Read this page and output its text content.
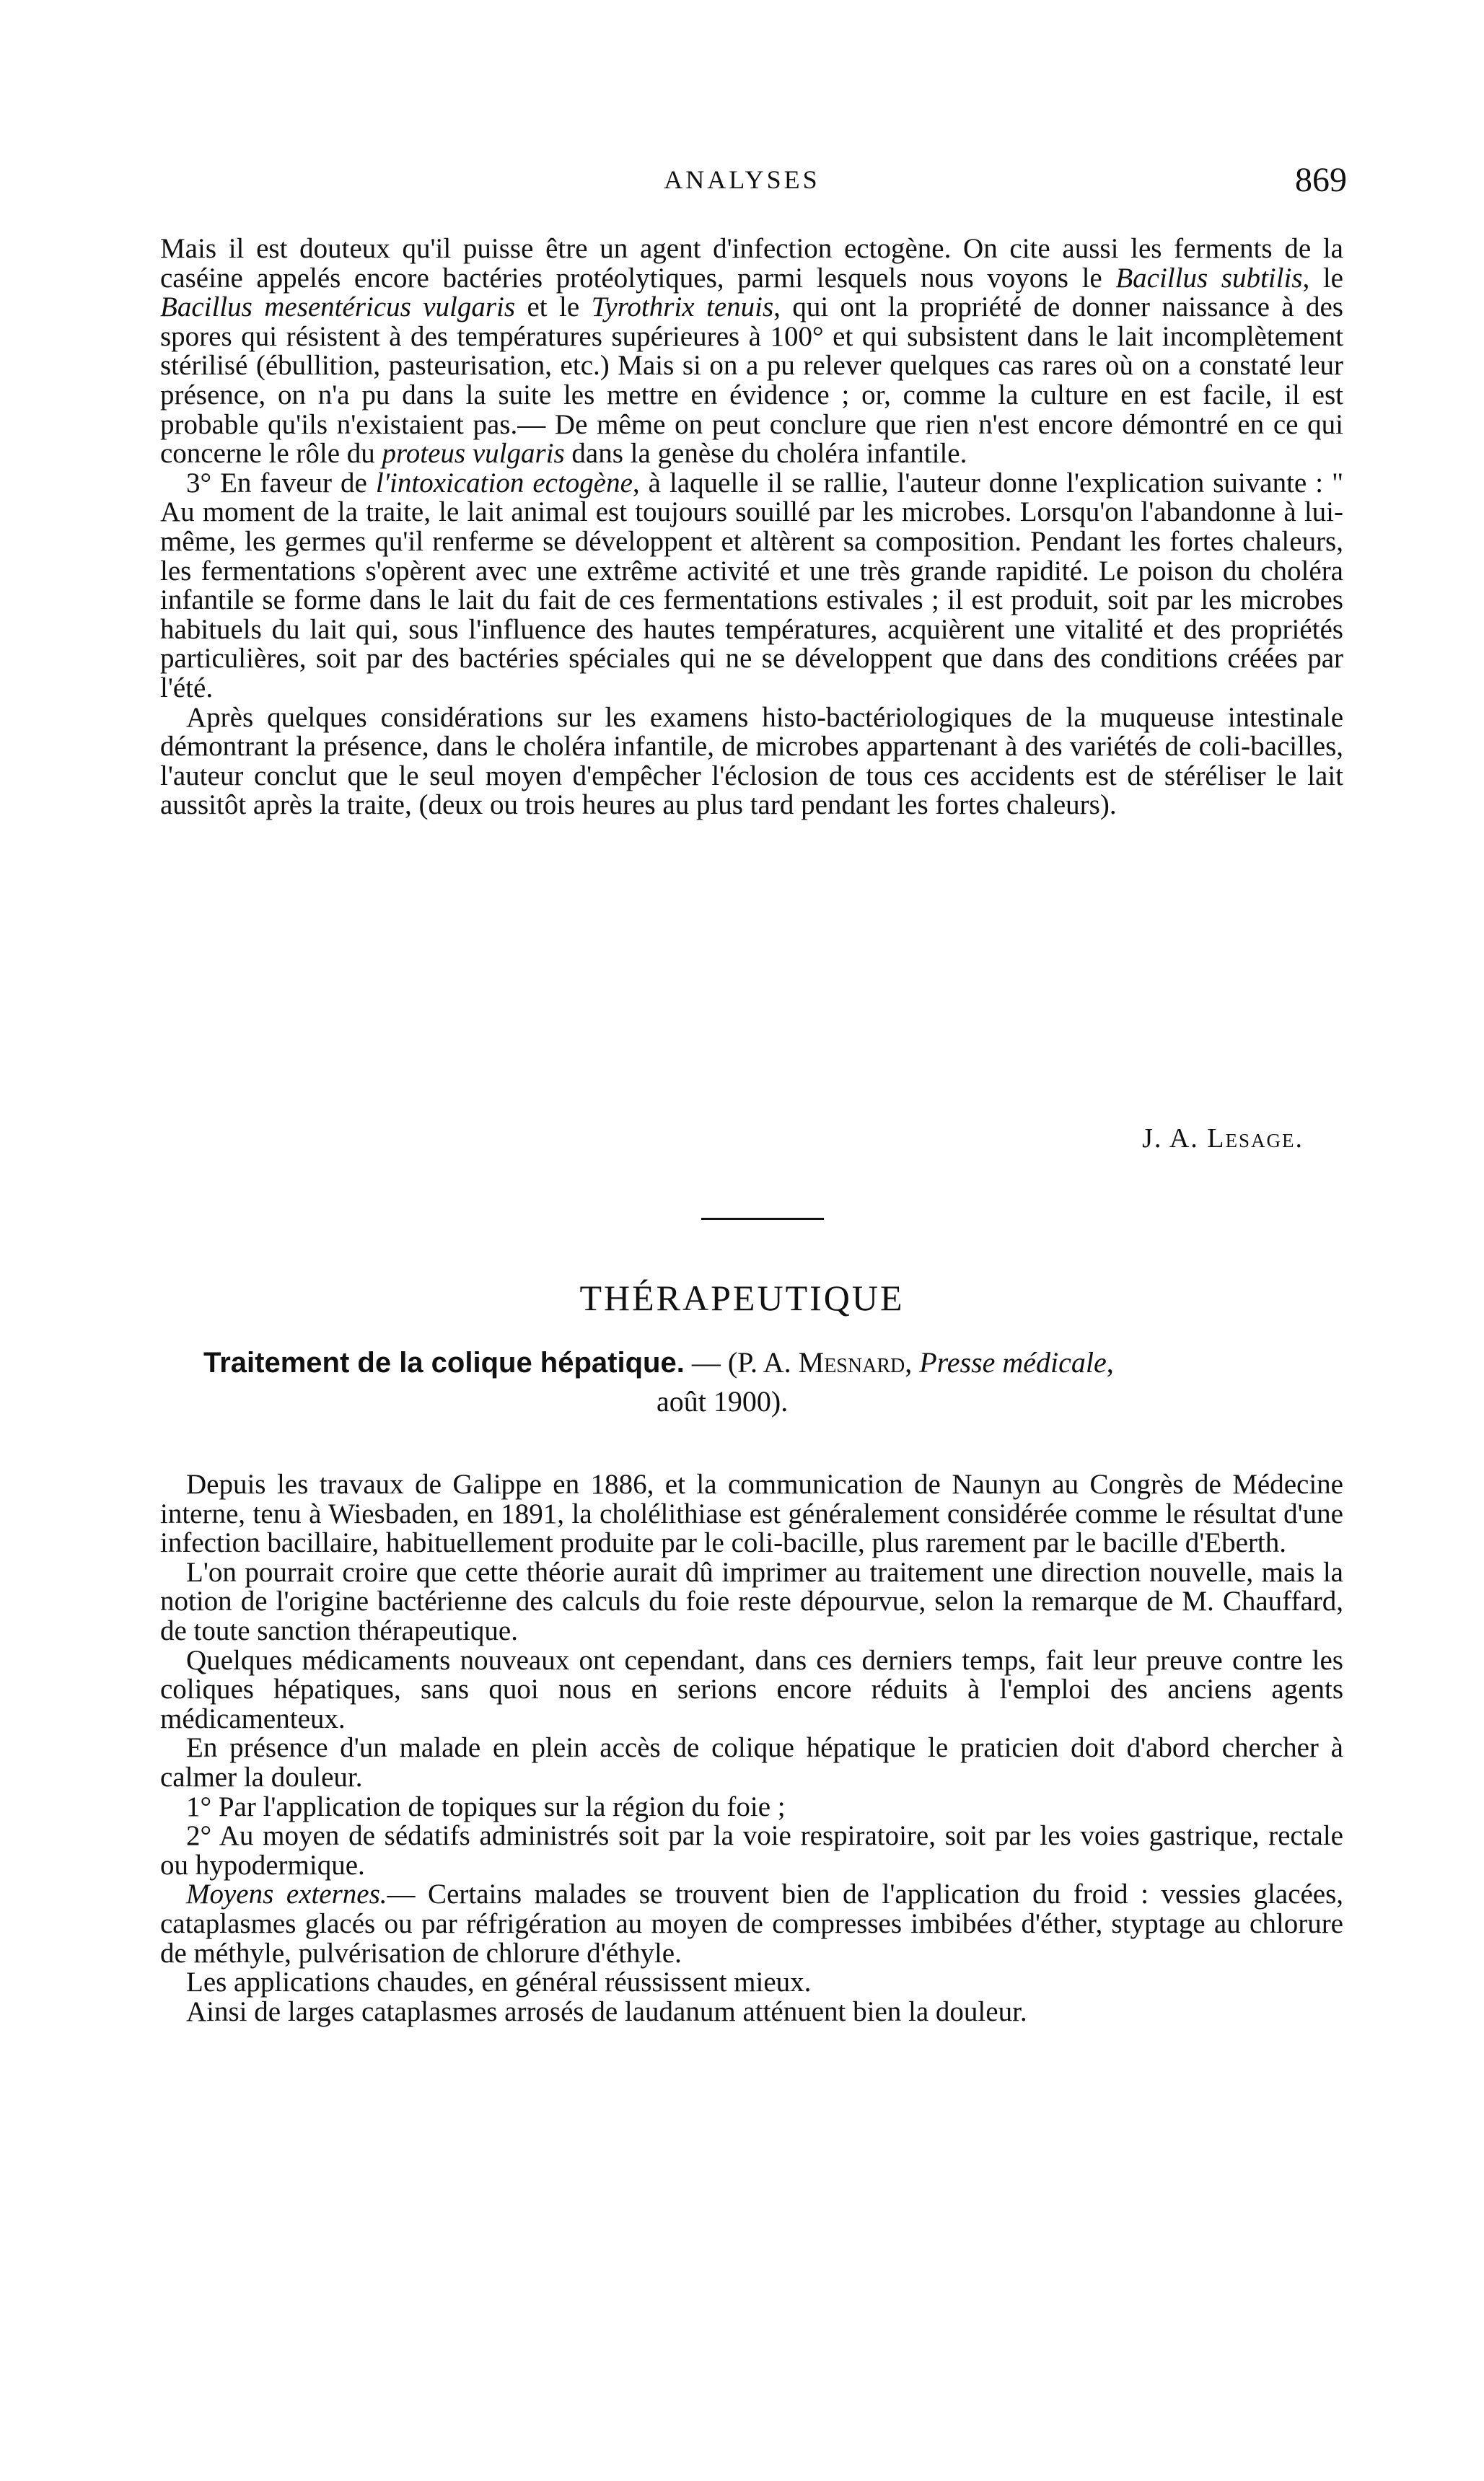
ANALYSES	869

Mais il est douteux qu'il puisse être un agent d'infection ectogène. On cite aussi les ferments de la caséine appelés encore bactéries protéolytiques, parmi lesquels nous voyons le Bacillus subtilis, le Bacillus mesentéricus vulgaris et le Tyrothrix tenuis, qui ont la propriété de donner naissance à des spores qui résistent à des températures supérieures à 100° et qui subsistent dans le lait incomplètement stérilisé (ébullition, pasteurisation, etc.) Mais si on a pu relever quelques cas rares où on a constaté leur présence, on n'a pu dans la suite les mettre en évidence ; or, comme la culture en est facile, il est probable qu'ils n'existaient pas.— De même on peut conclure que rien n'est encore démontré en ce qui concerne le rôle du proteus vulgaris dans la genèse du choléra infantile.

3° En faveur de l'intoxication ectogène, à laquelle il se rallie, l'auteur donne l'explication suivante : " Au moment de la traite, le lait animal est toujours souillé par les microbes. Lorsqu'on l'abandonne à lui-même, les germes qu'il renferme se développent et altèrent sa composition. Pendant les fortes chaleurs, les fermentations s'opèrent avec une extrême activité et une très grande rapidité. Le poison du choléra infantile se forme dans le lait du fait de ces fermentations estivales ; il est produit, soit par les microbes habituels du lait qui, sous l'influence des hautes températures, acquièrent une vitalité et des propriétés particulières, soit par des bactéries spéciales qui ne se développent que dans des conditions créées par l'été.

Après quelques considérations sur les examens histo-bactériologiques de la muqueuse intestinale démontrant la présence, dans le choléra infantile, de microbes appartenant à des variétés de coli-bacilles, l'auteur conclut que le seul moyen d'empêcher l'éclosion de tous ces accidents est de stéréliser le lait aussitôt après la traite, (deux ou trois heures au plus tard pendant les fortes chaleurs).

J. A. Lesage.
THÉRAPEUTIQUE
Traitement de la colique hépatique. — (P. A. Mesnard, Presse médicale,
août 1900).

Depuis les travaux de Galippe en 1886, et la communication de Naunyn au Congrès de Médecine interne, tenu à Wiesbaden, en 1891, la cholélithiase est généralement considérée comme le résultat d'une infection bacillaire, habituellement produite par le coli-bacille, plus rarement par le bacille d'Eberth.

L'on pourrait croire que cette théorie aurait dû imprimer au traitement une direction nouvelle, mais la notion de l'origine bactérienne des calculs du foie reste dépourvue, selon la remarque de M. Chauffard, de toute sanction thérapeutique.

Quelques médicaments nouveaux ont cependant, dans ces derniers temps, fait leur preuve contre les coliques hépatiques, sans quoi nous en serions encore réduits à l'emploi des anciens agents médicamenteux.

En présence d'un malade en plein accès de colique hépatique le praticien doit d'abord chercher à calmer la douleur.

1° Par l'application de topiques sur la région du foie ;

2° Au moyen de sédatifs administrés soit par la voie respiratoire, soit par les voies gastrique, rectale ou hypodermique.

Moyens externes.— Certains malades se trouvent bien de l'application du froid : vessies glacées, cataplasmes glacés ou par réfrigération au moyen de compresses imbibées d'éther, styptage au chlorure de méthyle, pulvérisation de chlorure d'éthyle.

Les applications chaudes, en général réussissent mieux.

Ainsi de larges cataplasmes arrosés de laudanum atténuent bien la douleur.
